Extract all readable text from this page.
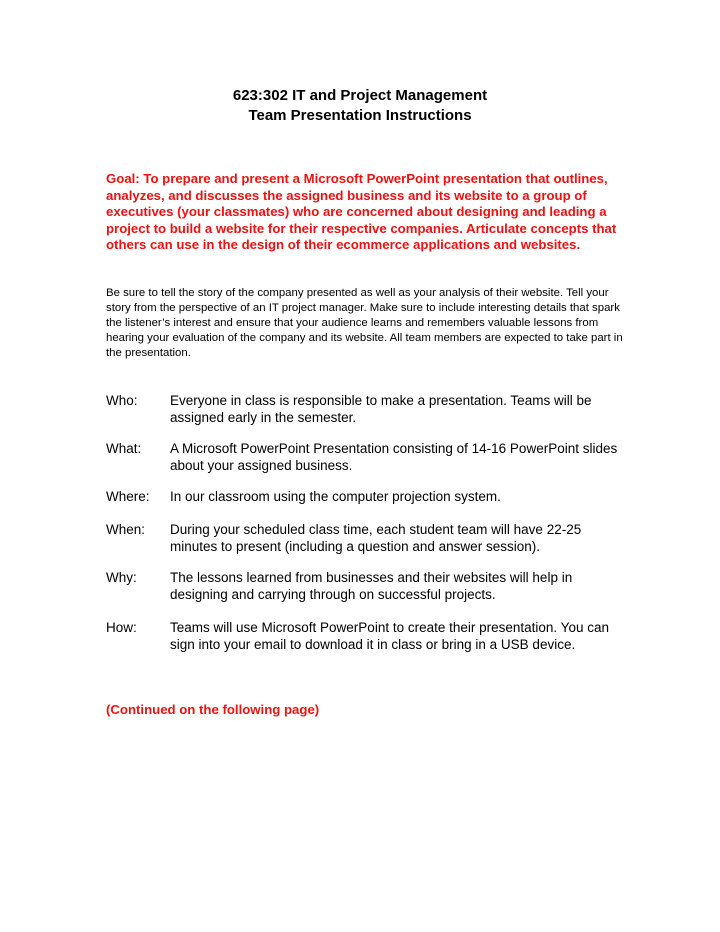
623:302 IT and Project Management
Team Presentation Instructions
Goal: To prepare and present a Microsoft PowerPoint presentation that outlines, analyzes, and discusses the assigned business and its website to a group of executives (your classmates) who are concerned about designing and leading a project to build a website for their respective companies. Articulate concepts that others can use in the design of their ecommerce applications and websites.
Be sure to tell the story of the company presented as well as your analysis of their website. Tell your story from the perspective of an IT project manager. Make sure to include interesting details that spark the listener’s interest and ensure that your audience learns and remembers valuable lessons from hearing your evaluation of the company and its website. All team members are expected to take part in the presentation.
Who:	Everyone in class is responsible to make a presentation. Teams will be assigned early in the semester.
What:	A Microsoft PowerPoint Presentation consisting of 14-16 PowerPoint slides about your assigned business.
Where:	In our classroom using the computer projection system.
When:	During your scheduled class time, each student team will have 22-25 minutes to present (including a question and answer session).
Why:	The lessons learned from businesses and their websites will help in designing and carrying through on successful projects.
How:	Teams will use Microsoft PowerPoint to create their presentation. You can sign into your email to download it in class or bring in a USB device.
(Continued on the following page)
